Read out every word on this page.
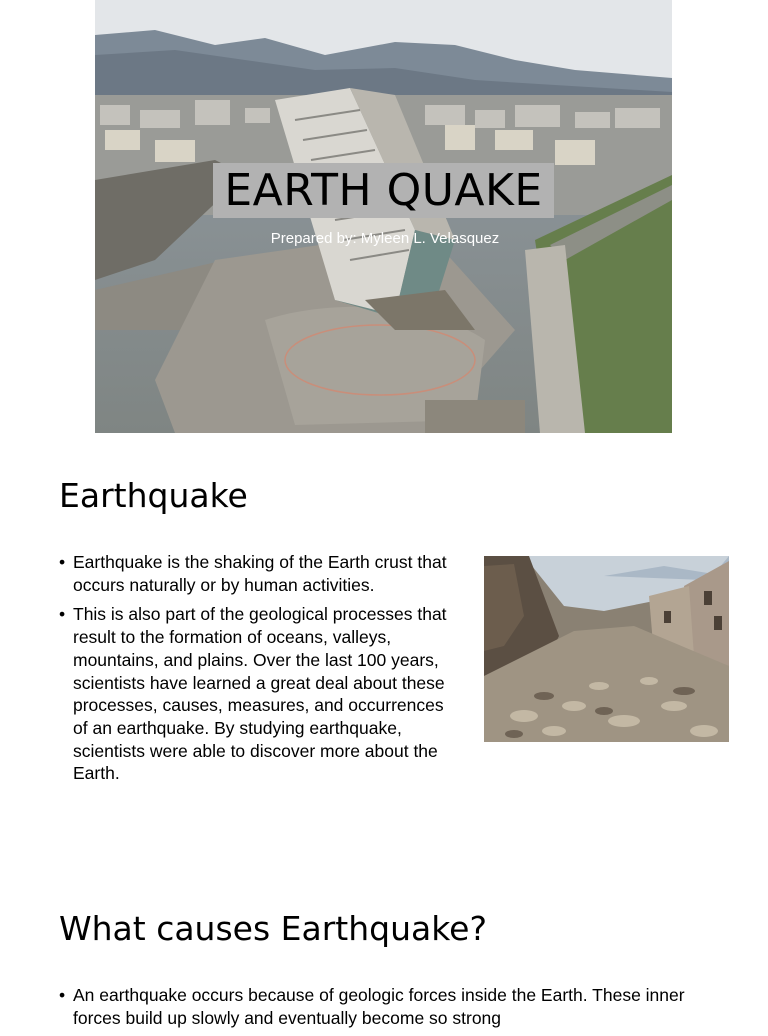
EARTH QUAKE
Prepared by: Myleen L. Velasquez
Earthquake
• Earthquake is the shaking of the Earth crust that occurs naturally or by human activities.
• This is also part of the geological processes that result to the formation of oceans, valleys, mountains, and plains. Over the last 100 years, scientists have learned a great deal about these processes, causes, measures, and occurrences of an earthquake. By studying earthquake, scientists were able to discover more about the Earth.
What causes Earthquake?
• An earthquake occurs because of geologic forces inside the Earth. These inner forces build up slowly and eventually become so strong
